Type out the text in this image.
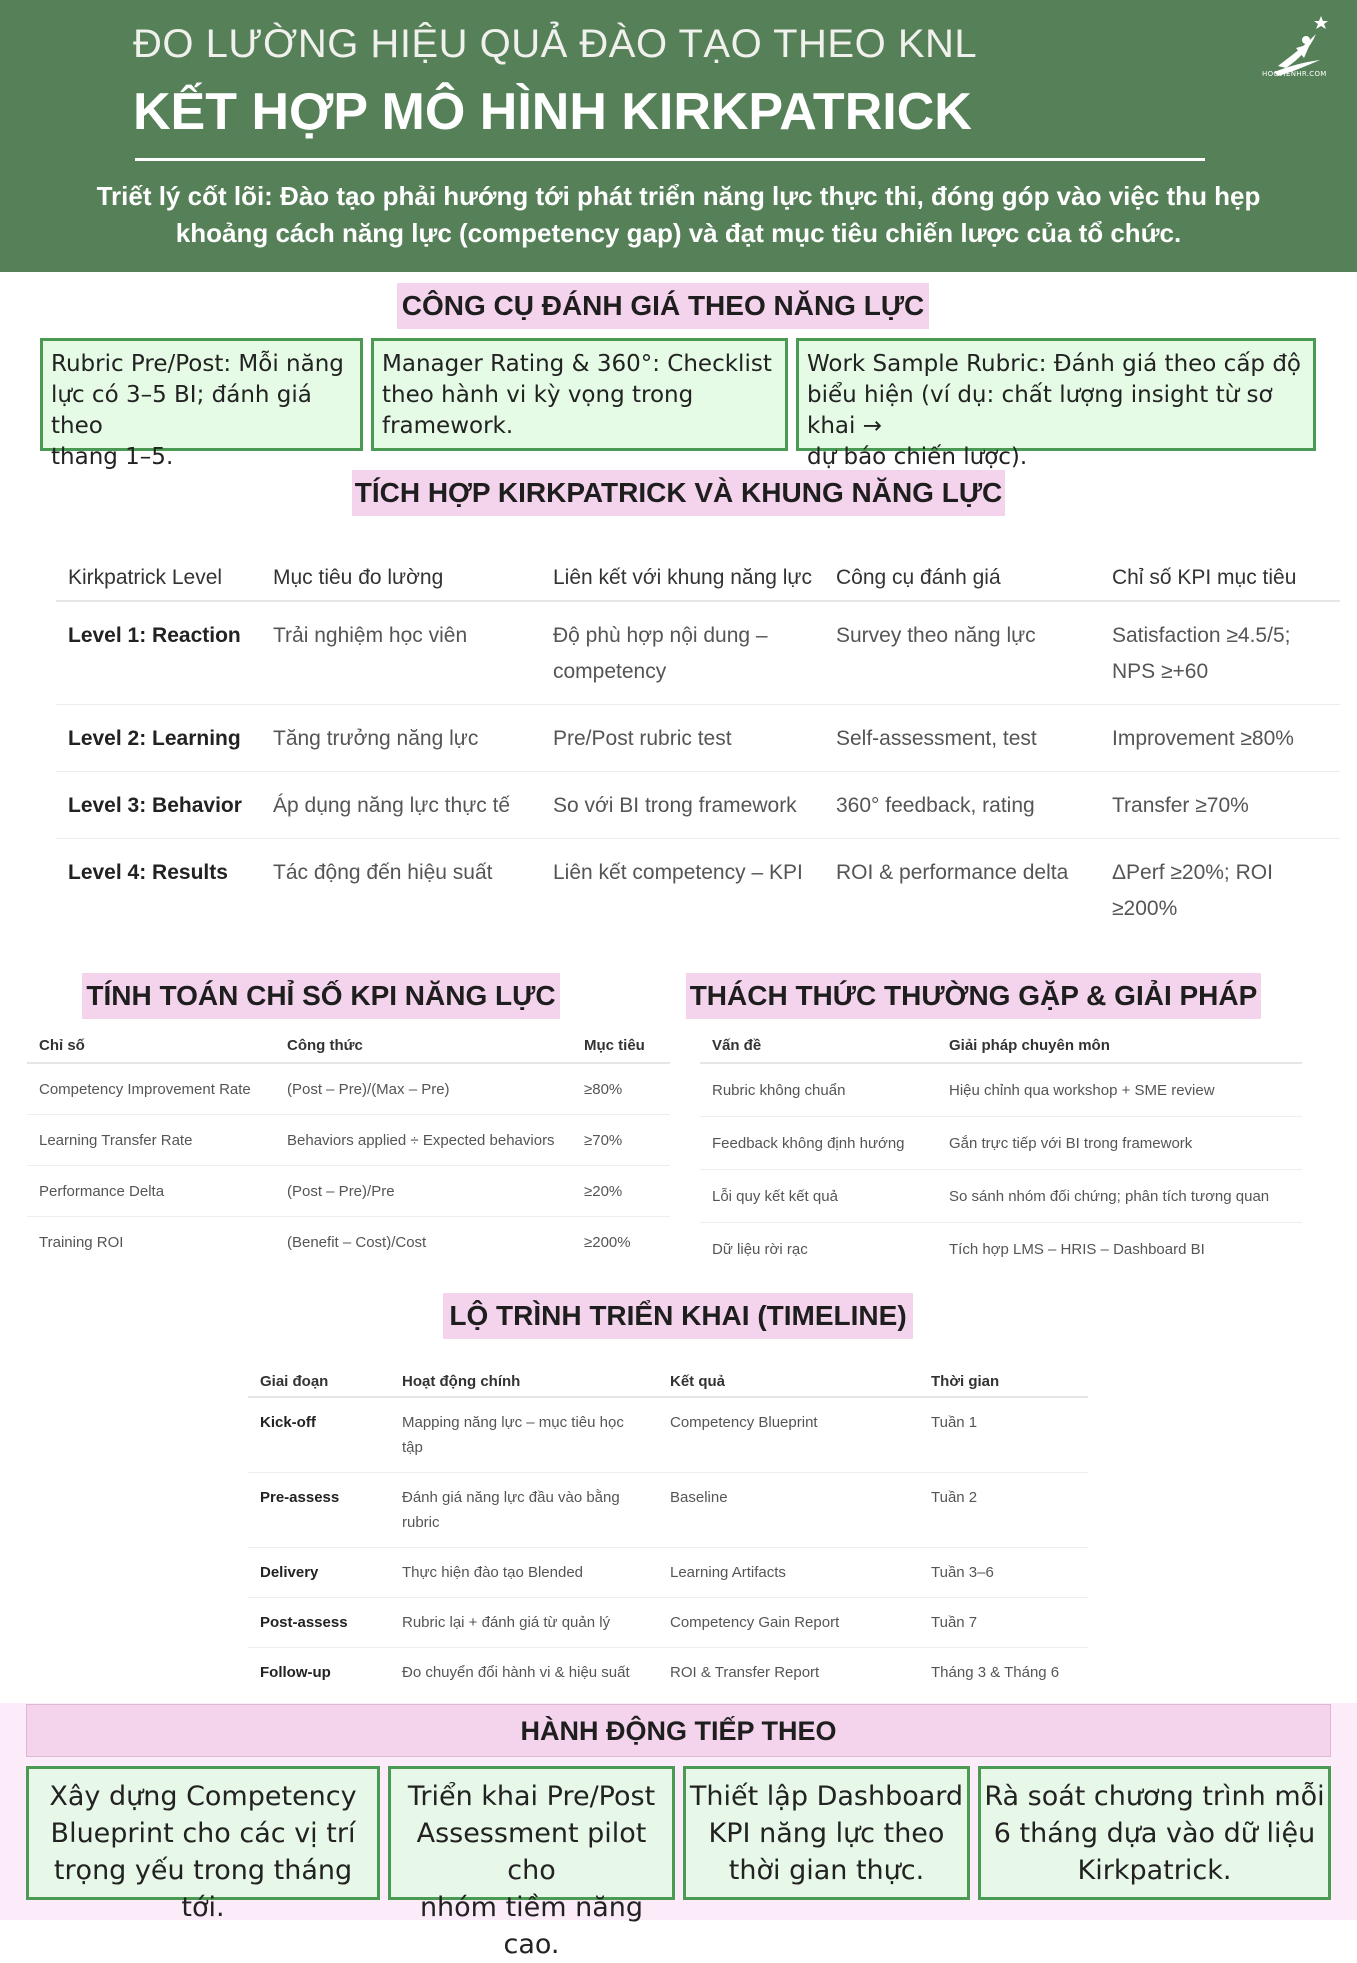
ĐO LƯỜNG HIỆU QUẢ ĐÀO TẠO THEO KNL
KẾT HỢP MÔ HÌNH KIRKPATRICK
Triết lý cốt lõi: Đào tạo phải hướng tới phát triển năng lực thực thi, đóng góp vào việc thu hẹp
khoảng cách năng lực (competency gap) và đạt mục tiêu chiến lược của tổ chức.
HOCVIENHR.COM
CÔNG CỤ ĐÁNH GIÁ THEO NĂNG LỰC
Rubric Pre/Post: Mỗi năng
lực có 3–5 BI; đánh giá theo
thang 1–5.
Manager Rating & 360°: Checklist
theo hành vi kỳ vọng trong
framework.
Work Sample Rubric: Đánh giá theo cấp độ
biểu hiện (ví dụ: chất lượng insight từ sơ khai →
dự báo chiến lược).
TÍCH HỢP KIRKPATRICK VÀ KHUNG NĂNG LỰC
Kirkpatrick Level	Mục tiêu đo lường	Liên kết với khung năng lực	Công cụ đánh giá	Chỉ số KPI mục tiêu
Level 1: Reaction	Trải nghiệm học viên	Độ phù hợp nội dung – competency	Survey theo năng lực	Satisfaction ≥4.5/5; NPS ≥+60
Level 2: Learning	Tăng trưởng năng lực	Pre/Post rubric test	Self-assessment, test	Improvement ≥80%
Level 3: Behavior	Áp dụng năng lực thực tế	So với BI trong framework	360° feedback, rating	Transfer ≥70%
Level 4: Results	Tác động đến hiệu suất	Liên kết competency – KPI	ROI & performance delta	ΔPerf ≥20%; ROI ≥200%
TÍNH TOÁN CHỈ SỐ KPI NĂNG LỰC
Chỉ số	Công thức	Mục tiêu
Competency Improvement Rate	(Post – Pre)/(Max – Pre)	≥80%
Learning Transfer Rate	Behaviors applied ÷ Expected behaviors	≥70%
Performance Delta	(Post – Pre)/Pre	≥20%
Training ROI	(Benefit – Cost)/Cost	≥200%
THÁCH THỨC THƯỜNG GẶP & GIẢI PHÁP
Vấn đề	Giải pháp chuyên môn
Rubric không chuẩn	Hiệu chỉnh qua workshop + SME review
Feedback không định hướng	Gắn trực tiếp với BI trong framework
Lỗi quy kết kết quả	So sánh nhóm đối chứng; phân tích tương quan
Dữ liệu rời rạc	Tích hợp LMS – HRIS – Dashboard BI
LỘ TRÌNH TRIỂN KHAI (TIMELINE)
Giai đoạn	Hoạt động chính	Kết quả	Thời gian
Kick-off	Mapping năng lực – mục tiêu học tập	Competency Blueprint	Tuần 1
Pre-assess	Đánh giá năng lực đầu vào bằng rubric	Baseline	Tuần 2
Delivery	Thực hiện đào tạo Blended	Learning Artifacts	Tuần 3–6
Post-assess	Rubric lại + đánh giá từ quản lý	Competency Gain Report	Tuần 7
Follow-up	Đo chuyển đổi hành vi & hiệu suất	ROI & Transfer Report	Tháng 3 & Tháng 6
HÀNH ĐỘNG TIẾP THEO
Xây dựng Competency
Blueprint cho các vị trí
trọng yếu trong tháng tới.
Triển khai Pre/Post
Assessment pilot cho
nhóm tiềm năng cao.
Thiết lập Dashboard
KPI năng lực theo
thời gian thực.
Rà soát chương trình mỗi
6 tháng dựa vào dữ liệu
Kirkpatrick.
